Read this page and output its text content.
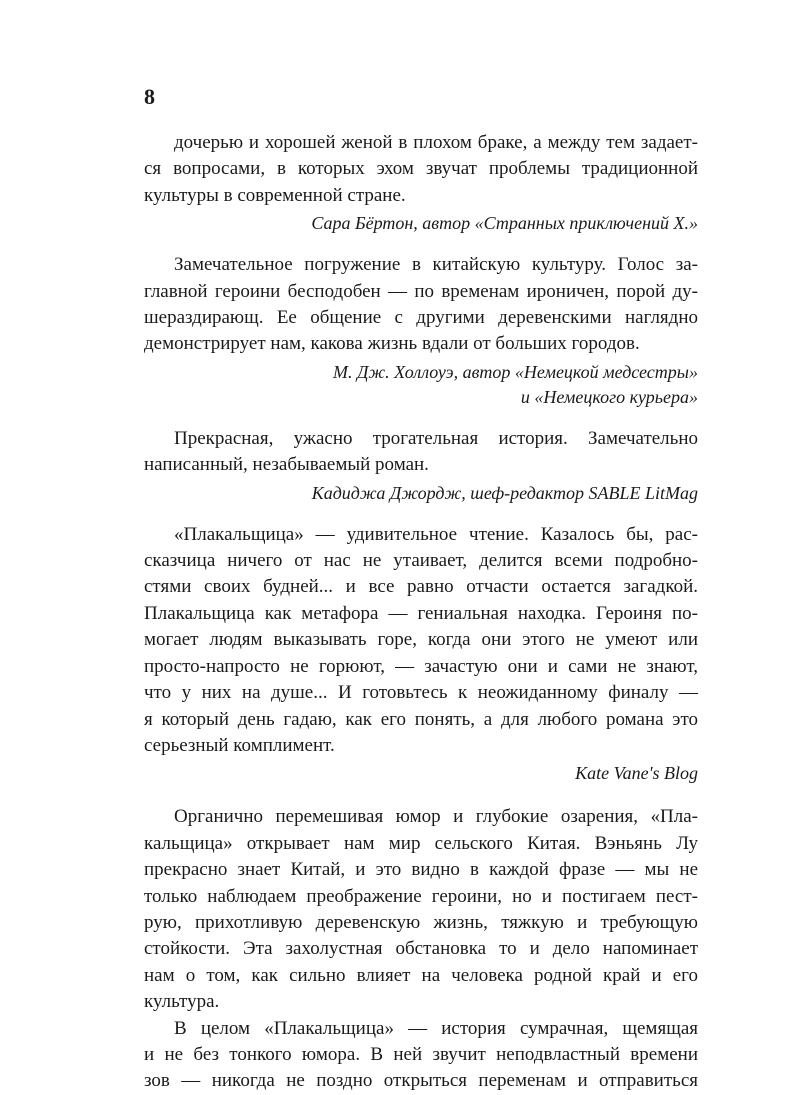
8
дочерью и хорошей женой в плохом браке, а между тем задает-
ся вопросами, в которых эхом звучат проблемы традиционной
культуры в современной стране.
Сара Бёртон, автор «Странных приключений Х.»
Замечательное погружение в китайскую культуру. Голос за-
главной героини бесподобен — по временам ироничен, порой ду-
шераздирающ. Ее общение с другими деревенскими наглядно
демонстрирует нам, какова жизнь вдали от больших городов.
М. Дж. Холлоуэ, автор «Немецкой медсестры»
и «Немецкого курьера»
Прекрасная, ужасно трогательная история. Замечательно
написанный, незабываемый роман.
Кадиджа Джордж, шеф-редактор SABLE LitMag
«Плакальщица» — удивительное чтение. Казалось бы, рас-
сказчица ничего от нас не утаивает, делится всеми подробно-
стями своих будней... и все равно отчасти остается загадкой.
Плакальщица как метафора — гениальная находка. Героиня по-
могает людям выказывать горе, когда они этого не умеют или
просто-напросто не горюют, — зачастую они и сами не знают,
что у них на душе... И готовьтесь к неожиданному финалу —
я который день гадаю, как его понять, а для любого романа это
серьезный комплимент.
Kate Vane's Blog
Органично перемешивая юмор и глубокие озарения, «Пла-
кальщица» открывает нам мир сельского Китая. Вэньянь Лу
прекрасно знает Китай, и это видно в каждой фразе — мы не
только наблюдаем преображение героини, но и постигаем пест-
рую, прихотливую деревенскую жизнь, тяжкую и требующую
стойкости. Эта захолустная обстановка то и дело напоминает
нам о том, как сильно влияет на человека родной край и его
культура.
В целом «Плакальщица» — история сумрачная, щемящая
и не без тонкого юмора. В ней звучит неподвластный времени
зов — никогда не поздно открыться переменам и отправиться
